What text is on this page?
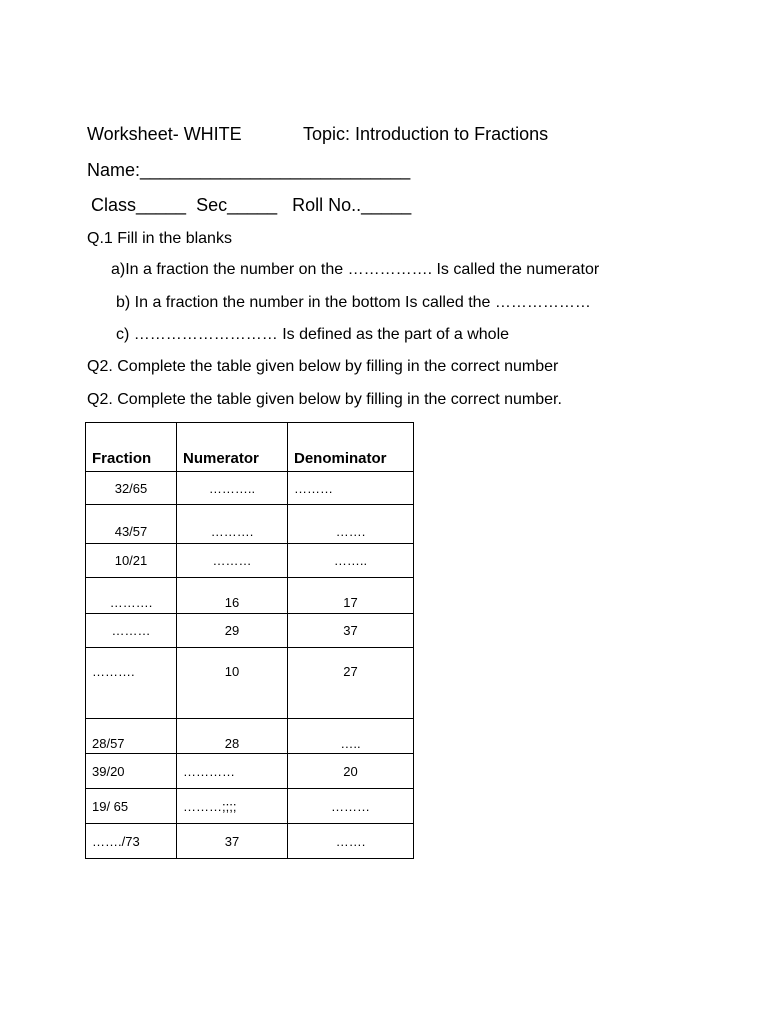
Worksheet- WHITE	Topic: Introduction to Fractions
Name:___________________________
Class_____  Sec_____   Roll No.._____
Q.1 Fill in the blanks
a)In a fraction the number on the ……………. Is called the numerator
b) In a fraction the number in the bottom Is called the ………………
c) ……………………… Is defined as the part of a whole
Q2. Complete the table given below by filling in the correct number
Q2. Complete the table given below by filling in the correct number.
Fraction	Numerator	Denominator
32/65	………..	………
43/57	……….	…….
10/21	………	……..
……….	16	17
………	29	37
……….	10	27
28/57	28	…..
39/20	…………	20
19/ 65	………;;;;	………
……./73	37	…….
